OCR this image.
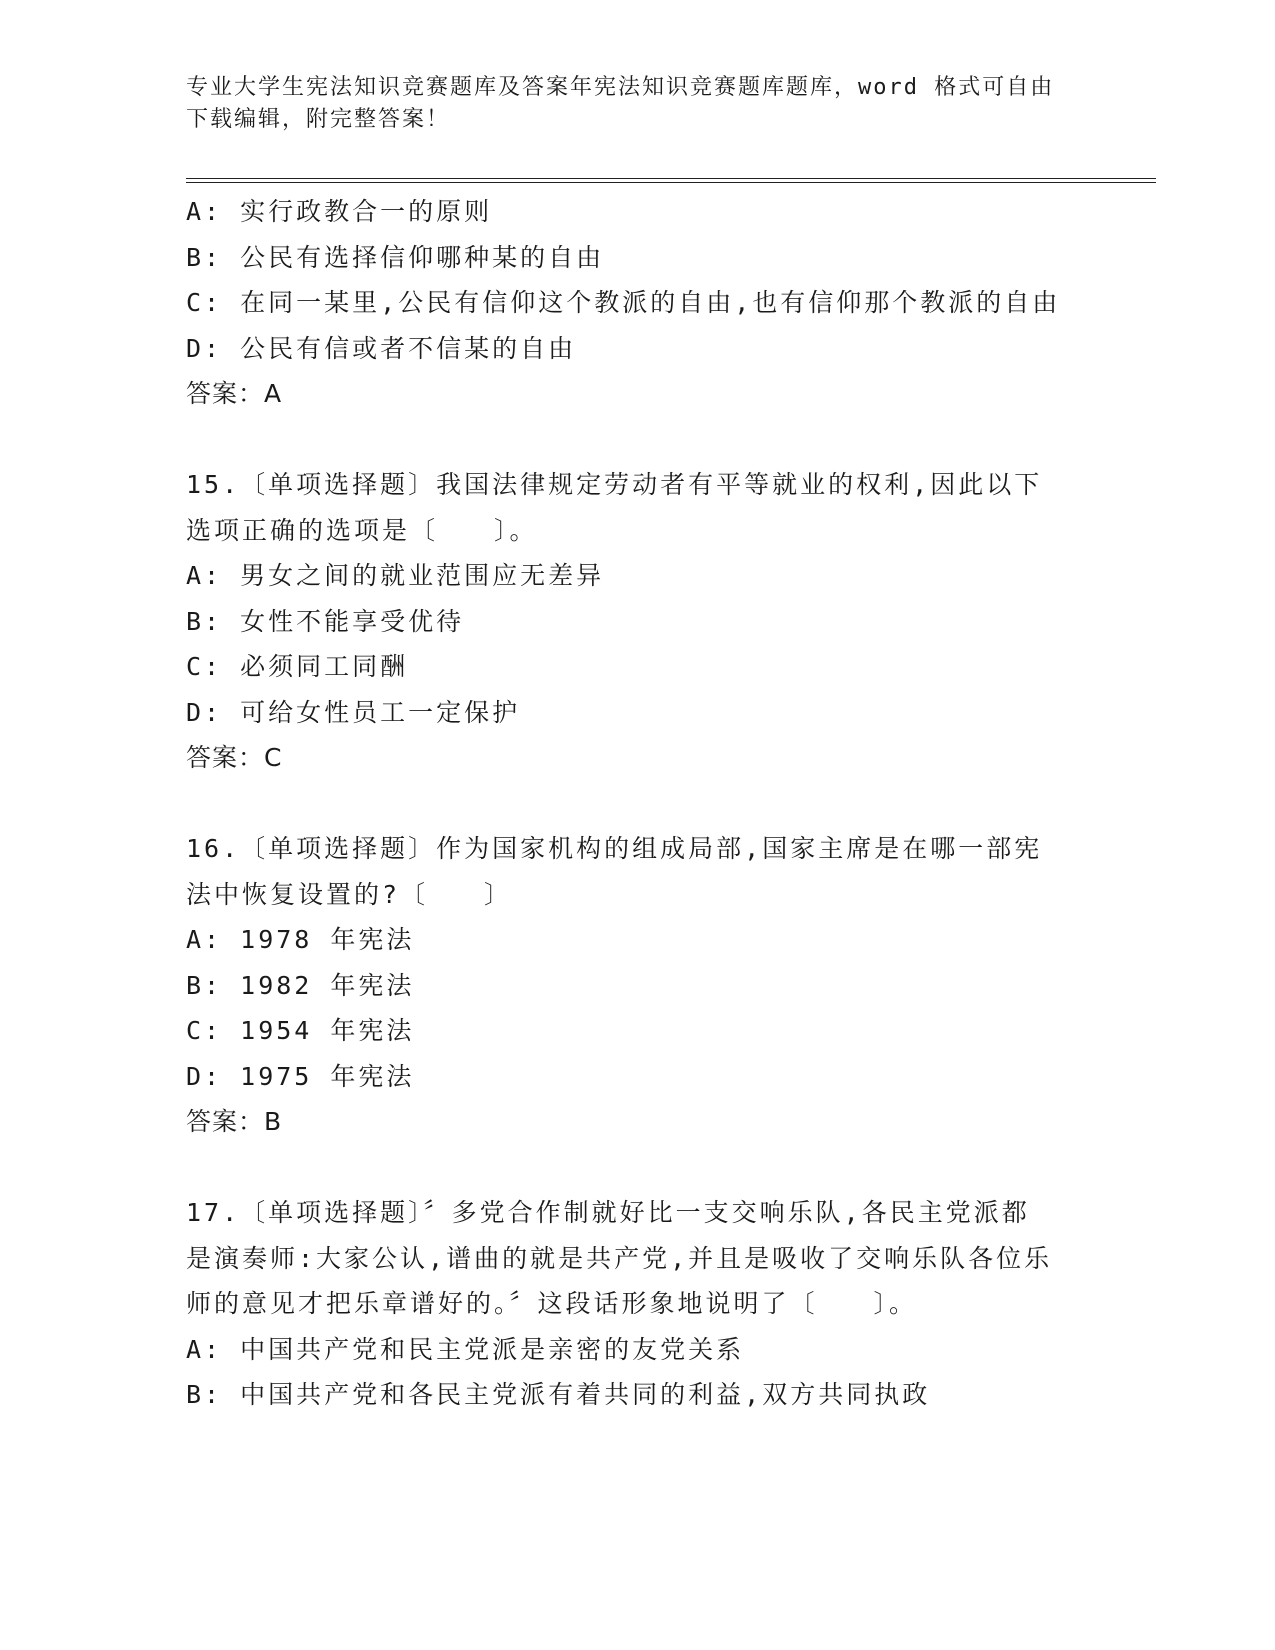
专业大学生宪法知识竞赛题库及答案年宪法知识竞赛题库题库，word 格式可自由
下载编辑，附完整答案！
A: 实行政教合一的原则
B: 公民有选择信仰哪种某的自由
C: 在同一某里,公民有信仰这个教派的自由,也有信仰那个教派的自由
D: 公民有信或者不信某的自由
答案：A
15.〔单项选择题〕我国法律规定劳动者有平等就业的权利,因此以下
选项正确的选项是〔　　〕。
A: 男女之间的就业范围应无差异
B: 女性不能享受优待
C: 必须同工同酬
D: 可给女性员工一定保护
答案：C
16.〔单项选择题〕作为国家机构的组成局部,国家主席是在哪一部宪
法中恢复设置的?〔　　〕
A: 1978 年宪法
B: 1982 年宪法
C: 1954 年宪法
D: 1975 年宪法
答案：B
17.〔单项选择题〕〞多党合作制就好比一支交响乐队,各民主党派都
是演奏师:大家公认,谱曲的就是共产党,并且是吸收了交响乐队各位乐
师的意见才把乐章谱好的。〞这段话形象地说明了〔　　〕。
A: 中国共产党和民主党派是亲密的友党关系
B: 中国共产党和各民主党派有着共同的利益,双方共同执政
